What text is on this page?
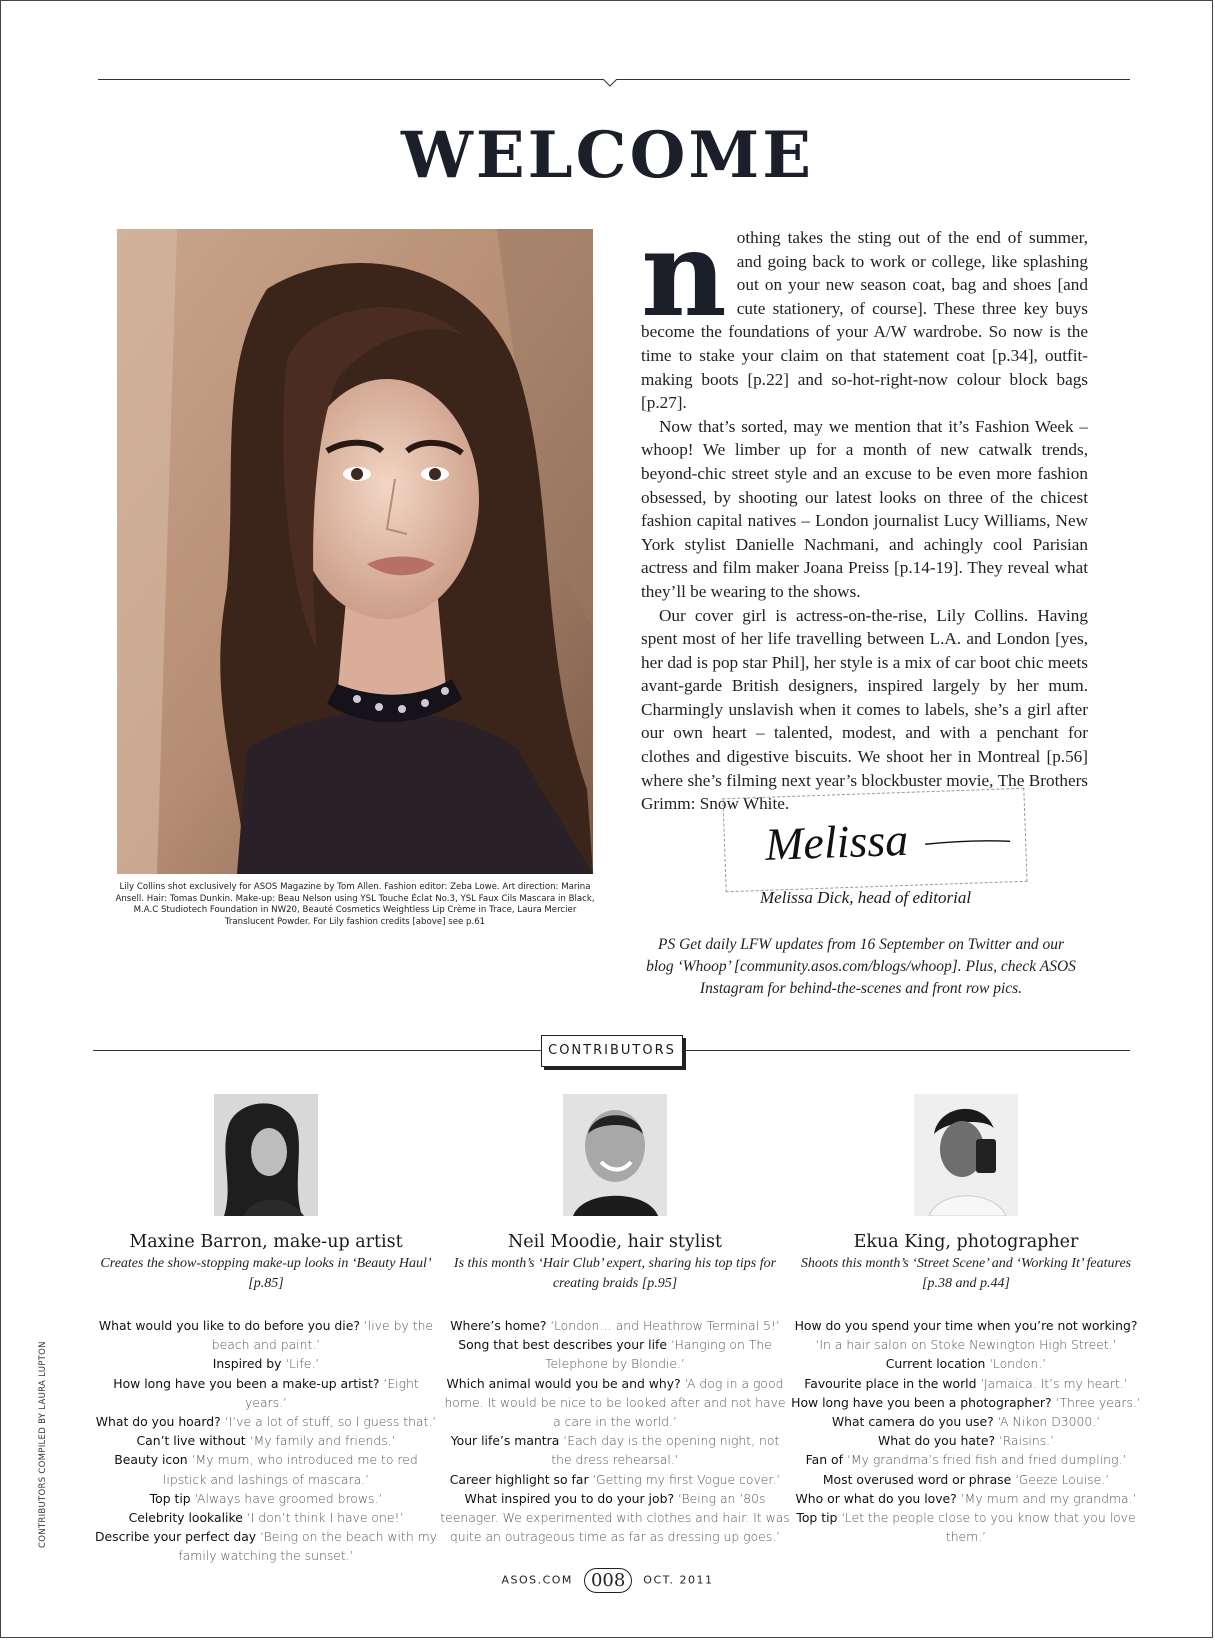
WELCOME
Lily Collins shot exclusively for ASOS Magazine by Tom Allen. Fashion editor: Zeba Lowe. Art direction: Marina Ansell. Hair: Tomas Dunkin. Make-up: Beau Nelson using YSL Touche Éclat No.3, YSL Faux Cils Mascara in Black, M.A.C Studiotech Foundation in NW20, Beauté Cosmetics Weightless Lip Crème in Trace, Laura Mercier Translucent Powder. For Lily fashion credits [above] see p.61
n othing takes the sting out of the end of summer, and going back to work or college, like splashing out on your new season coat, bag and shoes [and cute stationery, of course]. These three key buys become the foundations of your A/W wardrobe. So now is the time to stake your claim on that statement coat [p.34], outfit-making boots [p.22] and so-hot-right-now colour block bags [p.27].

Now that’s sorted, may we mention that it’s Fashion Week – whoop! We limber up for a month of new catwalk trends, beyond-chic street style and an excuse to be even more fashion obsessed, by shooting our latest looks on three of the chicest fashion capital natives – London journalist Lucy Williams, New York stylist Danielle Nachmani, and achingly cool Parisian actress and film maker Joana Preiss [p.14-19]. They reveal what they’ll be wearing to the shows.

Our cover girl is actress-on-the-rise, Lily Collins. Having spent most of her life travelling between L.A. and London [yes, her dad is pop star Phil], her style is a mix of car boot chic meets avant-garde British designers, inspired largely by her mum. Charmingly unslavish when it comes to labels, she’s a girl after our own heart – talented, modest, and with a penchant for clothes and digestive biscuits. We shoot her in Montreal [p.56] where she’s filming next year’s blockbuster movie, The Brothers Grimm: Snow White.

Melissa
Melissa Dick, head of editorial
PS Get daily LFW updates from 16 September on Twitter and our blog ‘Whoop’ [community.asos.com/blogs/whoop]. Plus, check ASOS Instagram for behind-the-scenes and front row pics.
CONTRIBUTORS
Maxine Barron, make-up artist
Creates the show-stopping make-up looks in ‘Beauty Haul’ [p.85]
What would you like to do before you die? ‘live by the beach and paint.’
Inspired by ‘Life.’
How long have you been a make-up artist? ‘Eight years.’
What do you hoard? ‘I’ve a lot of stuff, so I guess that.’
Can’t live without ‘My family and friends.’
Beauty icon ‘My mum, who introduced me to red lipstick and lashings of mascara.’
Top tip ‘Always have groomed brows.’
Celebrity lookalike ‘I don’t think I have one!’
Describe your perfect day ‘Being on the beach with my family watching the sunset.’
Neil Moodie, hair stylist
Is this month’s ‘Hair Club’ expert, sharing his top tips for creating braids [p.95]
Where’s home? ‘London… and Heathrow Terminal 5!’
Song that best describes your life ‘Hanging on The Telephone by Blondie.’
Which animal would you be and why? ‘A dog in a good home. It would be nice to be looked after and not have a care in the world.’
Your life’s mantra ‘Each day is the opening night, not the dress rehearsal.’
Career highlight so far ‘Getting my first Vogue cover.’
What inspired you to do your job? ‘Being an ’80s teenager. We experimented with clothes and hair. It was quite an outrageous time as far as dressing up goes.’
Ekua King, photographer
Shoots this month’s ‘Street Scene’ and ‘Working It’ features [p.38 and p.44]
How do you spend your time when you’re not working? ‘In a hair salon on Stoke Newington High Street.’
Current location ‘London.’
Favourite place in the world ‘Jamaica. It’s my heart.’
How long have you been a photographer? ‘Three years.’
What camera do you use? ‘A Nikon D3000.’
What do you hate? ‘Raisins.’
Fan of ‘My grandma’s fried fish and fried dumpling.’
Most overused word or phrase ‘Geeze Louise.’
Who or what do you love? ‘My mum and my grandma.’
Top tip ‘Let the people close to you know that you love them.’
CONTRIBUTORS COMPILED BY LAURA LUPTON
ASOS.COM 008 OCT. 2011
